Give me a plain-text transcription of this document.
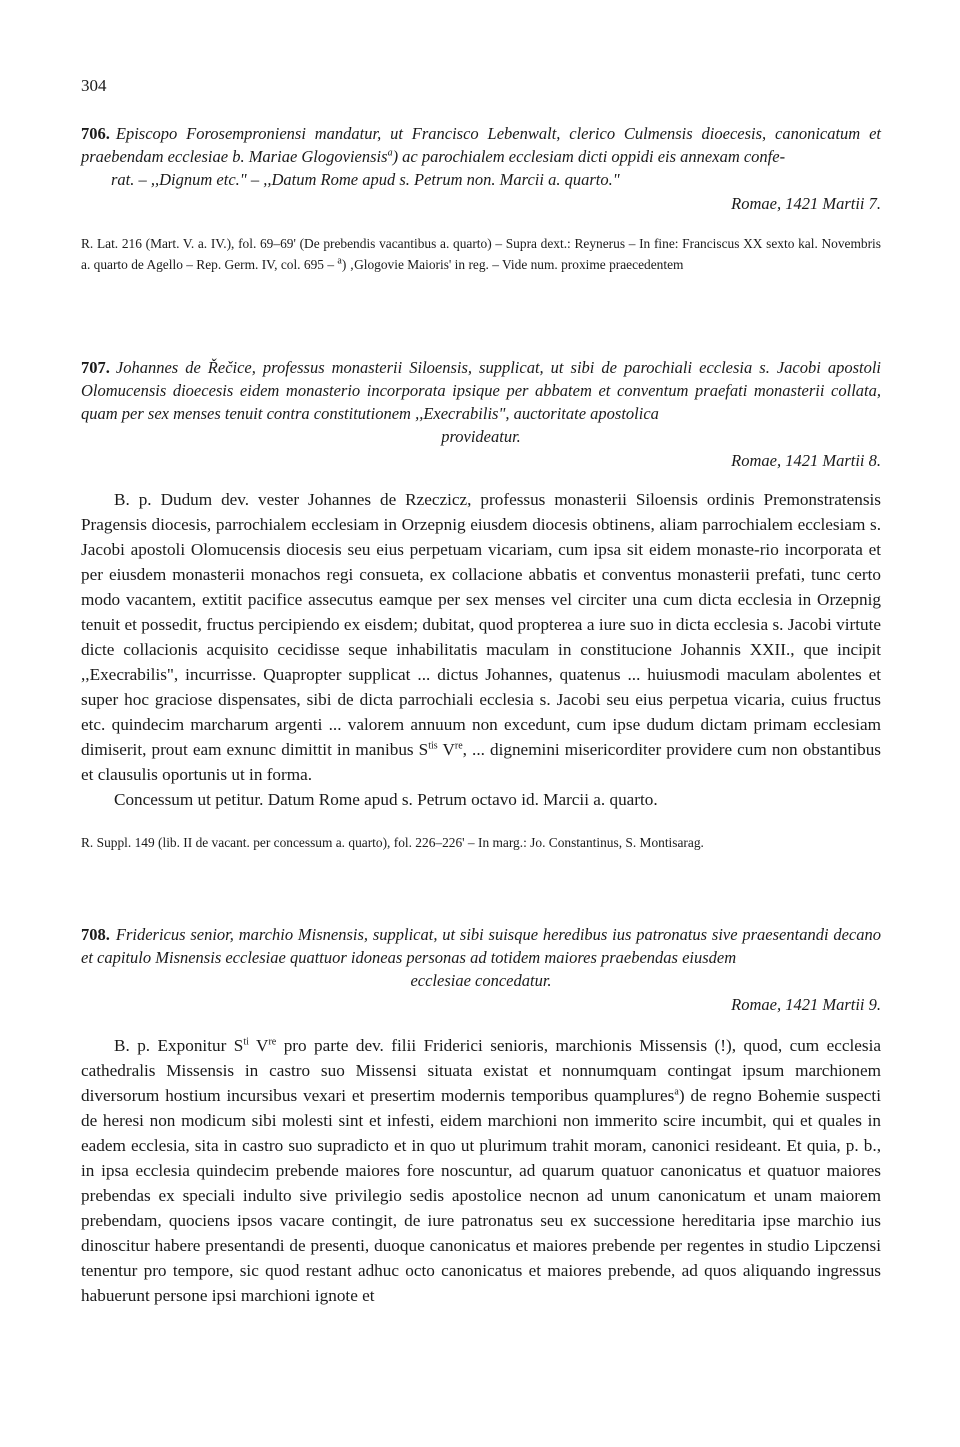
304

706. Episcopo Forosemproniensi mandatur, ut Francisco Lebenwalt, clerico Culmensis dioecesis, canonicatum et praebendam ecclesiae b. Mariae Glogoviensis$^a$) ac parochialem ecclesiam dicti oppidi eis annexam confe-

rat. – ,,Dignum etc." – ,,Datum Rome apud s. Petrum non. Marcii a. quarto."

Romae, 1421 Martii 7.

R. Lat. 216 (Mart. V. a. IV.), fol. 69–69' (De prebendis vacantibus a. quarto) – Supra dext.: Reynerus – In fine: Franciscus XX sexto kal. Novembris a. quarto de Agello – Rep. Germ. IV, col. 695 – $^a$) ‚Glogovie Maioris' in reg. – Vide num. proxime praecedentem

707. Johannes de Řečice, professus monasterii Siloensis, supplicat, ut sibi de parochiali ecclesia s. Jacobi apostoli Olomucensis dioecesis eidem monasterio incorporata ipsique per abbatem et conventum praefati monasterii collata, quam per sex menses tenuit contra constitutionem ,,Execrabilis", auctoritate apostolica

provideatur.

Romae, 1421 Martii 8.

B. p. Dudum dev. vester Johannes de Rzeczicz, professus monasterii Siloensis ordinis Premonstratensis Pragensis diocesis, parrochialem ecclesiam in Orzepnig eiusdem diocesis obtinens, aliam parrochialem ecclesiam s. Jacobi apostoli Olomucensis diocesis seu eius perpetuam vicariam, cum ipsa sit eidem monaste-rio incorporata et per eiusdem monasterii monachos regi consueta, ex collacione abbatis et conventus monasterii prefati, tunc certo modo vacantem, extitit pacifice assecutus eamque per sex menses vel circiter una cum dicta ecclesia in Orzepnig tenuit et possedit, fructus percipiendo ex eisdem; dubitat, quod propterea a iure suo in dicta ecclesia s. Jacobi virtute dicte collacionis acquisito cecidisse seque inhabilitatis maculam in constitucione Johannis XXII., que incipit ,,Execrabilis", incurrisse. Quapropter supplicat ... dictus Johannes, quatenus ... huiusmodi maculam abolentes et super hoc graciose dispensates, sibi de dicta parrochiali ecclesia s. Jacobi seu eius perpetua vicaria, cuius fructus etc. quindecim marcharum argenti ... valorem annuum non excedunt, cum ipse dudum dictam primam ecclesiam dimiserit, prout eam exnunc dimittit in manibus $S^{tis}$ Vre, ... dignemini misericorditer providere cum non obstantibus et clausulis oportunis ut in forma.

Concessum ut petitur. Datum Rome apud s. Petrum octavo id. Marcii a. quarto.

R. Suppl. 149 (lib. II de vacant. per concessum a. quarto), fol. 226–226' – In marg.: Jo. Constantinus, S. Montisarag.

708. Fridericus senior, marchio Misnensis, supplicat, ut sibi suisque heredibus ius patronatus sive praesentandi decano et capitulo Misnensis ecclesiae quattuor idoneas personas ad totidem maiores praebendas eiusdem

ecclesiae concedatur.

Romae, 1421 Martii 9.

B. p. Exponitur $S^{ti}$ Vre pro parte dev. filii Friderici senioris, marchionis Missensis (!), quod, cum ecclesia cathedralis Missensis in castro suo Missensi situata existat et nonnumquam contingat ipsum marchionem diversorum hostium incursibus vexari et presertim modernis temporibus quamplures$^a$) de regno Bohemie suspecti de heresi non modicum sibi molesti sint et infesti, eidem marchioni non immerito scire incumbit, qui et quales in eadem ecclesia, sita in castro suo supradicto et in quo ut plurimum trahit moram, canonici resideant. Et quia, p. b., in ipsa ecclesia quindecim prebende maiores fore noscuntur, ad quarum quatuor canonicatus et quatuor maiores prebendas ex speciali indulto sive privilegio sedis apostolice necnon ad unum canonicatum et unam maiorem prebendam, quociens ipsos vacare contingit, de iure patronatus seu ex successione hereditaria ipse marchio ius dinoscitur habere presentandi de presenti, duoque canonicatus et maiores prebende per regentes in studio Lipczensi tenentur pro tempore, sic quod restant adhuc octo canonicatus et maiores prebende, ad quos aliquando ingressus habuerunt persone ipsi marchioni ignote et
